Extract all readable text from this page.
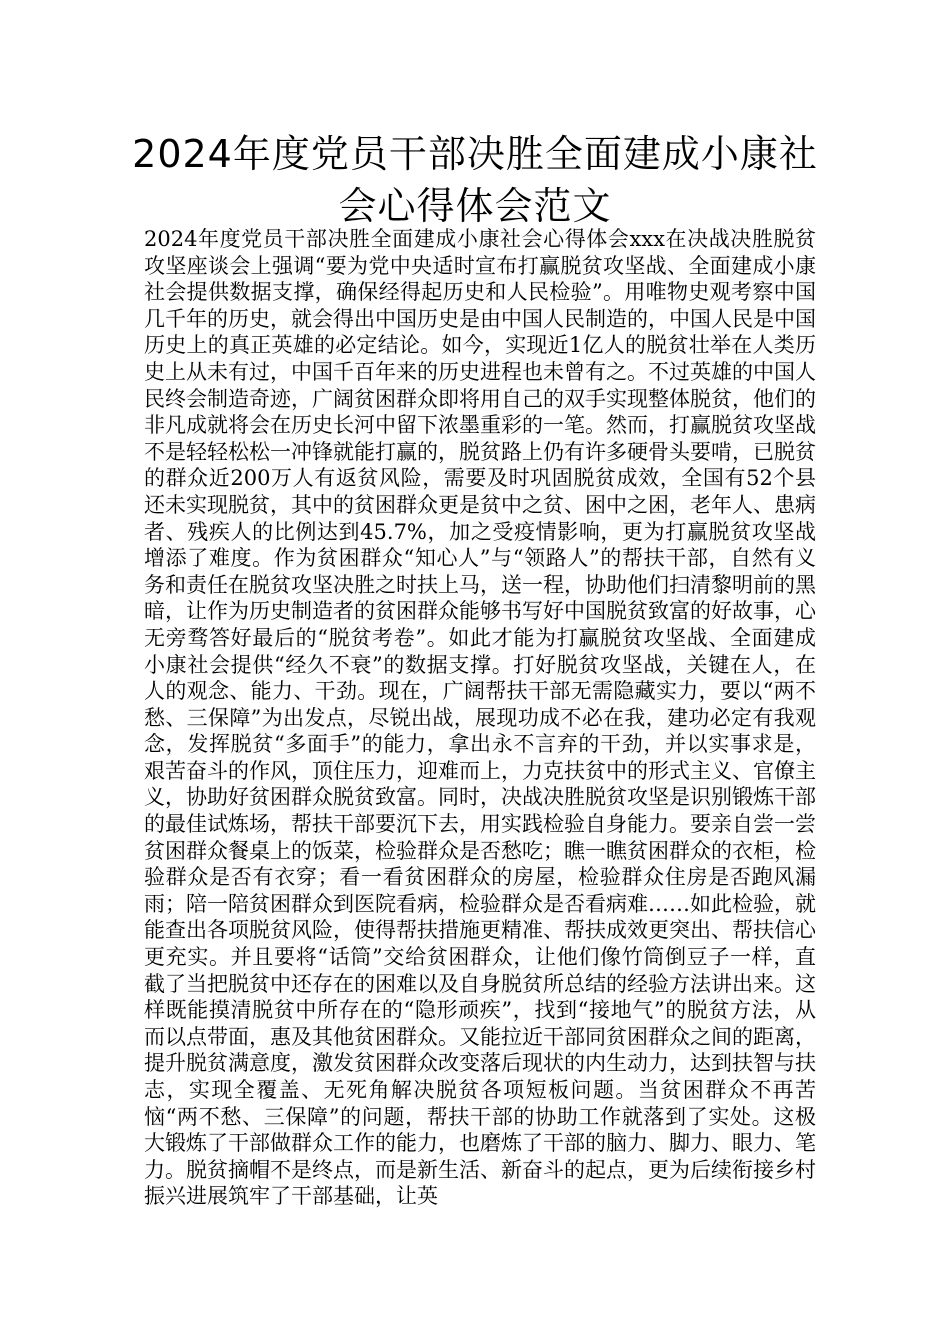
2024年度党员干部决胜全面建成小康社会心得体会范文

2024年度党员干部决胜全面建成小康社会心得体会xxx在决战决胜脱贫攻坚座谈会上强调“要为党中央适时宣布打赢脱贫攻坚战、全面建成小康社会提供数据支撑，确保经得起历史和人民检验”。用唯物史观考察中国几千年的历史，就会得出中国历史是由中国人民制造的，中国人民是中国历史上的真正英雄的必定结论。如今，实现近1亿人的脱贫壮举在人类历史上从未有过，中国千百年来的历史进程也未曾有之。不过英雄的中国人民终会制造奇迹，广阔贫困群众即将用自己的双手实现整体脱贫，他们的非凡成就将会在历史长河中留下浓墨重彩的一笔。然而，打赢脱贫攻坚战不是轻轻松松一冲锋就能打赢的，脱贫路上仍有许多硬骨头要啃，已脱贫的群众近200万人有返贫风险，需要及时巩固脱贫成效，全国有52个县还未实现脱贫，其中的贫困群众更是贫中之贫、困中之困，老年人、患病者、残疾人的比例达到45.7%，加之受疫情影响，更为打赢脱贫攻坚战增添了难度。作为贫困群众“知心人”与“领路人”的帮扶干部，自然有义务和责任在脱贫攻坚决胜之时扶上马，送一程，协助他们扫清黎明前的黑暗，让作为历史制造者的贫困群众能够书写好中国脱贫致富的好故事，心无旁骛答好最后的“脱贫考卷”。如此才能为打赢脱贫攻坚战、全面建成小康社会提供“经久不衰”的数据支撑。打好脱贫攻坚战，关键在人，在人的观念、能力、干劲。现在，广阔帮扶干部无需隐藏实力，要以“两不愁、三保障”为出发点，尽锐出战，展现功成不必在我，建功必定有我观念，发挥脱贫“多面手”的能力，拿出永不言弃的干劲，并以实事求是，艰苦奋斗的作风，顶住压力，迎难而上，力克扶贫中的形式主义、官僚主义，协助好贫困群众脱贫致富。同时，决战决胜脱贫攻坚是识别锻炼干部的最佳试炼场，帮扶干部要沉下去，用实践检验自身能力。要亲自尝一尝贫困群众餐桌上的饭菜，检验群众是否愁吃；瞧一瞧贫困群众的衣柜，检验群众是否有衣穿；看一看贫困群众的房屋，检验群众住房是否跑风漏雨；陪一陪贫困群众到医院看病，检验群众是否看病难……如此检验，就能查出各项脱贫风险，使得帮扶措施更精准、帮扶成效更突出、帮扶信心更充实。并且要将“话筒”交给贫困群众，让他们像竹筒倒豆子一样，直截了当把脱贫中还存在的困难以及自身脱贫所总结的经验方法讲出来。这样既能摸清脱贫中所存在的“隐形顽疾”，找到“接地气”的脱贫方法，从而以点带面，惠及其他贫困群众。又能拉近干部同贫困群众之间的距离，提升脱贫满意度，激发贫困群众改变落后现状的内生动力，达到扶智与扶志，实现全覆盖、无死角解决脱贫各项短板问题。当贫困群众不再苦恼“两不愁、三保障”的问题，帮扶干部的协助工作就落到了实处。这极大锻炼了干部做群众工作的能力，也磨炼了干部的脑力、脚力、眼力、笔力。脱贫摘帽不是终点，而是新生活、新奋斗的起点，更为后续衔接乡村振兴进展筑牢了干部基础，让英
